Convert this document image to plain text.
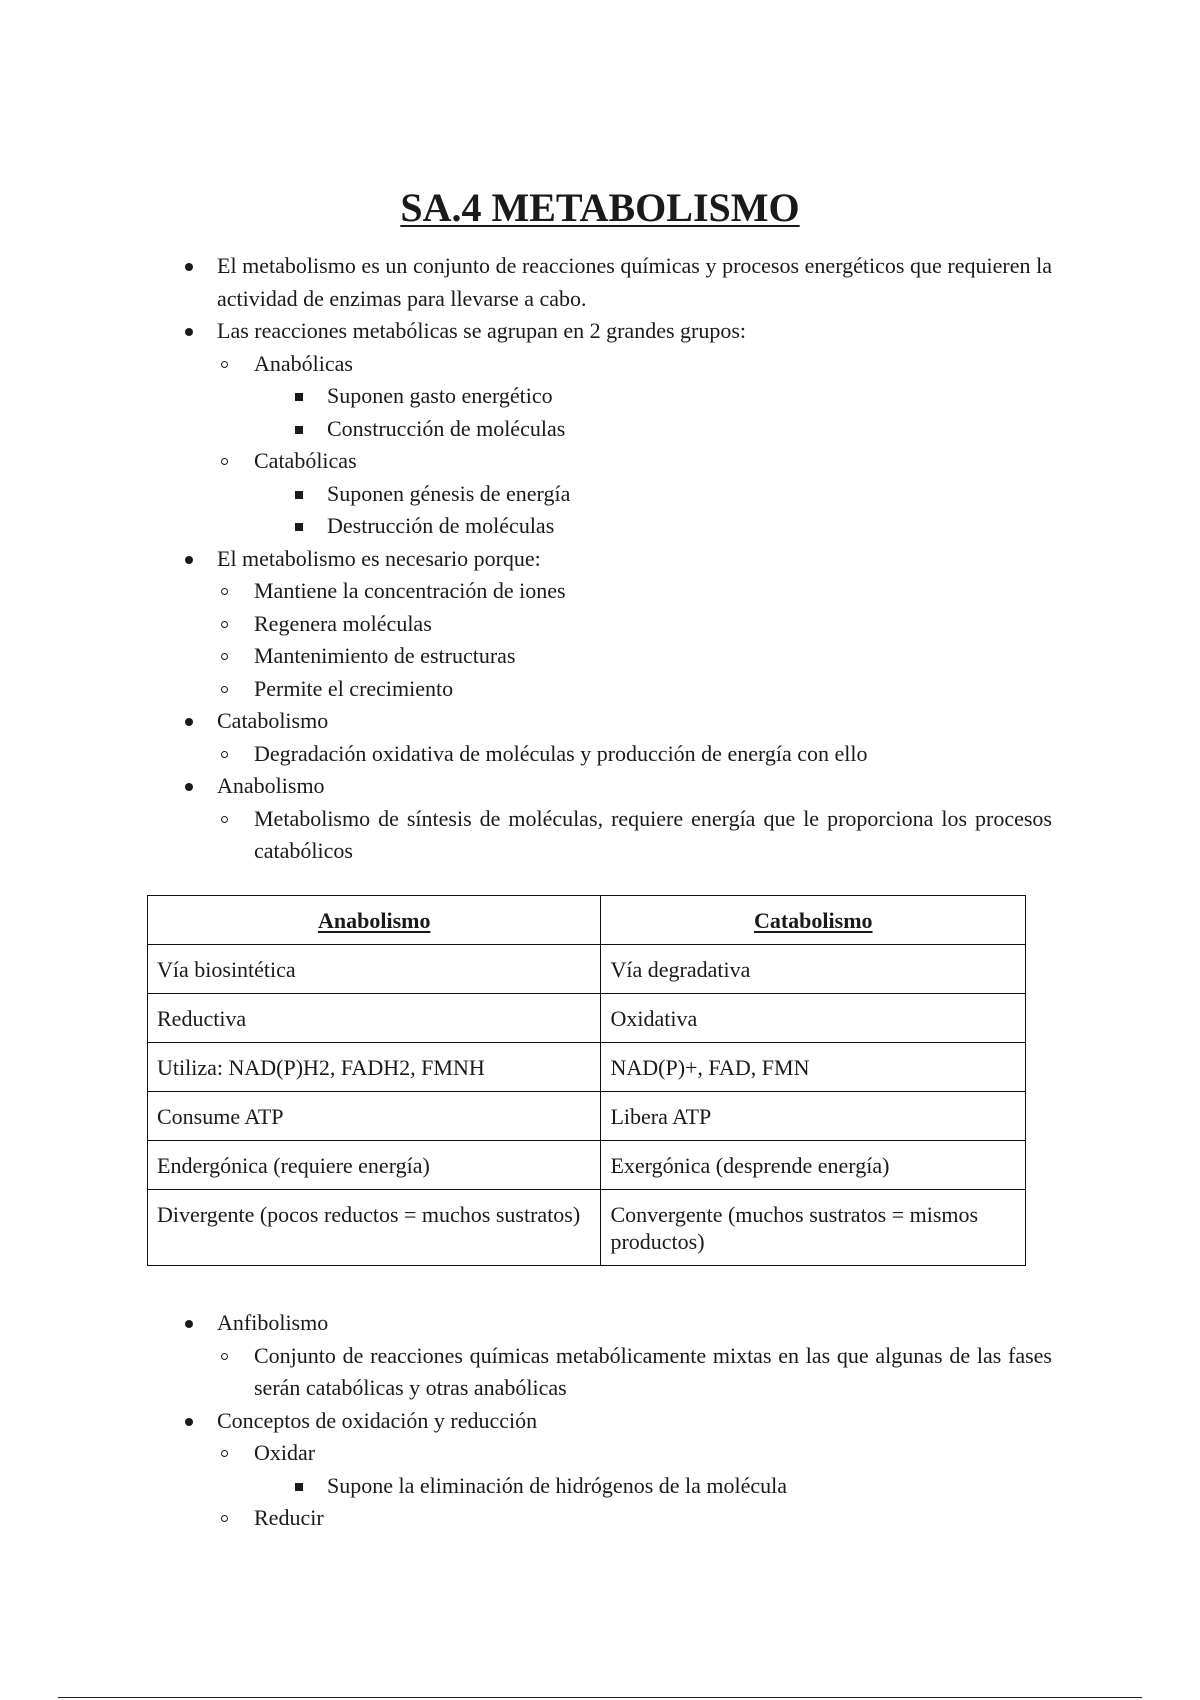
SA.4 METABOLISMO
El metabolismo es un conjunto de reacciones químicas y procesos energéticos que requieren la actividad de enzimas para llevarse a cabo.
Las reacciones metabólicas se agrupan en 2 grandes grupos:
Anabólicas
Suponen gasto energético
Construcción de moléculas
Catabólicas
Suponen génesis de energía
Destrucción de moléculas
El metabolismo es necesario porque:
Mantiene la concentración de iones
Regenera moléculas
Mantenimiento de estructuras
Permite el crecimiento
Catabolismo
Degradación oxidativa de moléculas y producción de energía con ello
Anabolismo
Metabolismo de síntesis de moléculas, requiere energía que le proporciona los procesos catabólicos
Anabolismo	Catabolismo
Vía biosintética	Vía degradativa
Reductiva	Oxidativa
Utiliza: NAD(P)H2, FADH2, FMNH	NAD(P)+, FAD, FMN
Consume ATP	Libera ATP
Endergónica (requiere energía)	Exergónica (desprende energía)
Divergente (pocos reductos = muchos sustratos)	Convergente (muchos sustratos = mismos productos)
Anfibolismo
Conjunto de reacciones químicas metabólicamente mixtas en las que algunas de las fases serán catabólicas y otras anabólicas
Conceptos de oxidación y reducción
Oxidar
Supone la eliminación de hidrógenos de la molécula
Reducir
